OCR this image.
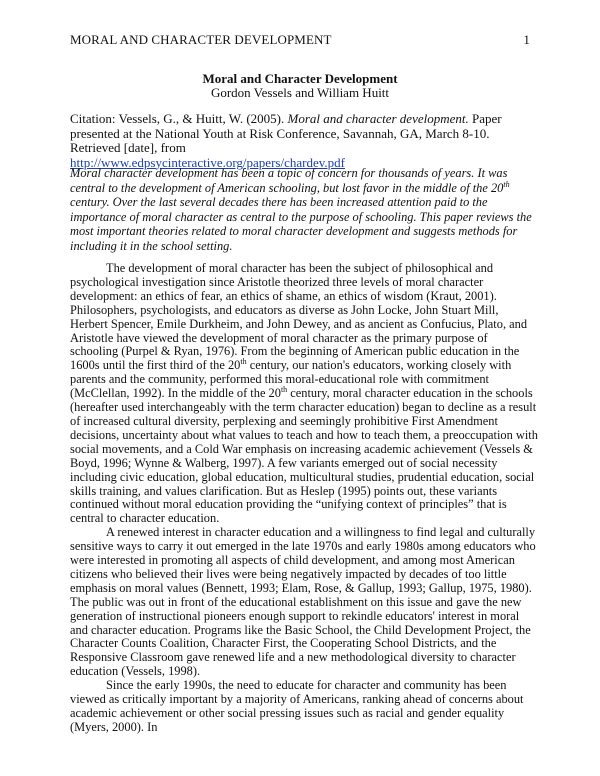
MORAL AND CHARACTER DEVELOPMENT	1
Moral and Character Development
Gordon Vessels and William Huitt
Citation: Vessels, G., & Huitt, W. (2005). Moral and character development. Paper presented at the National Youth at Risk Conference, Savannah, GA, March 8-10. Retrieved [date], from
http://www.edpsycinteractive.org/papers/chardev.pdf
Moral character development has been a topic of concern for thousands of years. It was central to the development of American schooling, but lost favor in the middle of the 20th century. Over the last several decades there has been increased attention paid to the importance of moral character as central to the purpose of schooling. This paper reviews the most important theories related to moral character development and suggests methods for including it in the school setting.

The development of moral character has been the subject of philosophical and psychological investigation since Aristotle theorized three levels of moral character development: an ethics of fear, an ethics of shame, an ethics of wisdom (Kraut, 2001). Philosophers, psychologists, and educators as diverse as John Locke, John Stuart Mill, Herbert Spencer, Emile Durkheim, and John Dewey, and as ancient as Confucius, Plato, and Aristotle have viewed the development of moral character as the primary purpose of schooling (Purpel & Ryan, 1976). From the beginning of American public education in the 1600s until the first third of the 20th century, our nation's educators, working closely with parents and the community, performed this moral-educational role with commitment (McClellan, 1992). In the middle of the 20th century, moral character education in the schools (hereafter used interchangeably with the term character education) began to decline as a result of increased cultural diversity, perplexing and seemingly prohibitive First Amendment decisions, uncertainty about what values to teach and how to teach them, a preoccupation with social movements, and a Cold War emphasis on increasing academic achievement (Vessels & Boyd, 1996; Wynne & Walberg, 1997). A few variants emerged out of social necessity including civic education, global education, multicultural studies, prudential education, social skills training, and values clarification. But as Heslep (1995) points out, these variants continued without moral education providing the “unifying context of principles” that is central to character education.

A renewed interest in character education and a willingness to find legal and culturally sensitive ways to carry it out emerged in the late 1970s and early 1980s among educators who were interested in promoting all aspects of child development, and among most American citizens who believed their lives were being negatively impacted by decades of too little emphasis on moral values (Bennett, 1993; Elam, Rose, & Gallup, 1993; Gallup, 1975, 1980). The public was out in front of the educational establishment on this issue and gave the new generation of instructional pioneers enough support to rekindle educators' interest in moral and character education. Programs like the Basic School, the Child Development Project, the Character Counts Coalition, Character First, the Cooperating School Districts, and the Responsive Classroom gave renewed life and a new methodological diversity to character education (Vessels, 1998).

Since the early 1990s, the need to educate for character and community has been viewed as critically important by a majority of Americans, ranking ahead of concerns about academic achievement or other social pressing issues such as racial and gender equality (Myers, 2000). In
